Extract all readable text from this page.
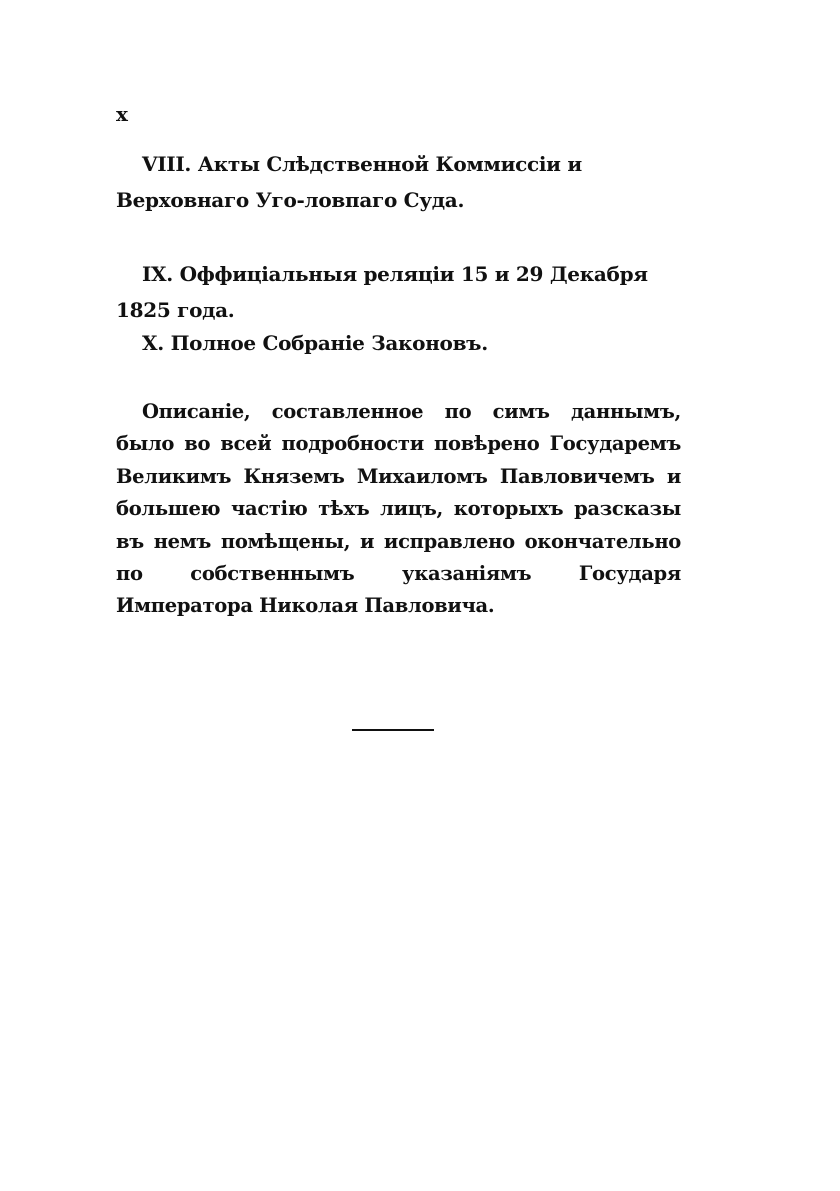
x
VIII. Акты Слѣдственной Коммиссіи и Верховнаго Уго-ловпаго Суда.
IX. Оффиціальныя реляціи 15 и 29 Декабря 1825 года.
X. Полное Собраніе Законовъ.
Описаніе, составленное по симъ даннымъ, было во всей подробности повѣрено Государемъ Великимъ Княземъ Михаиломъ Павловичемъ и большею частію тѣхъ лицъ, которыхъ разсказы въ немъ помѣщены, и исправлено окончательно по собственнымъ указаніямъ Государя Императора Николая Павловича.
